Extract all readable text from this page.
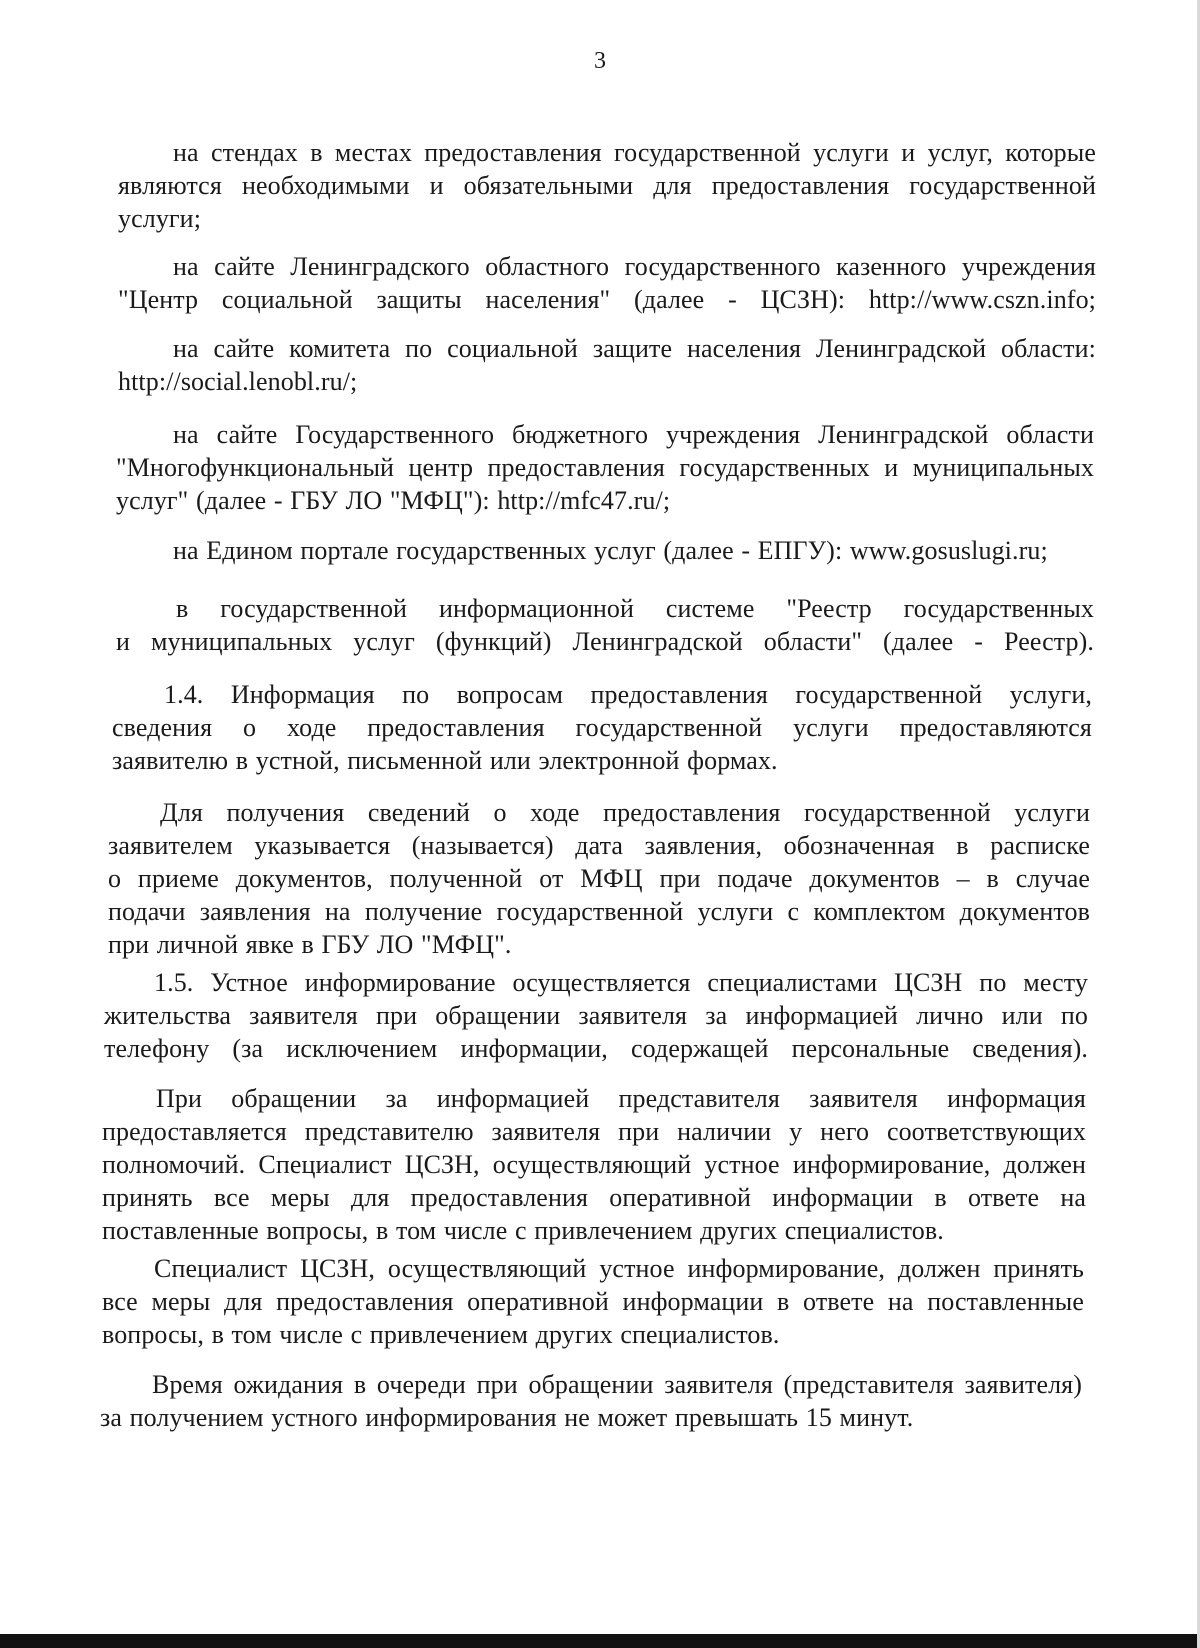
3
на стендах в местах предоставления государственной услуги и услуг, которые
являются необходимыми и обязательными для предоставления государственной
услуги;
на сайте Ленинградского областного государственного казенного учреждения
"Центр социальной защиты населения" (далее - ЦСЗН): http://www.cszn.info;
на сайте комитета по социальной защите населения Ленинградской области:
http://social.lenobl.ru/;
на сайте Государственного бюджетного учреждения Ленинградской области
"Многофункциональный центр предоставления государственных и муниципальных
услуг" (далее - ГБУ ЛО "МФЦ"): http://mfc47.ru/;
на Едином портале государственных услуг (далее - ЕПГУ): www.gosuslugi.ru;
в государственной информационной системе "Реестр государственных
и муниципальных услуг (функций) Ленинградской области" (далее - Реестр).
1.4. Информация по вопросам предоставления государственной услуги,
сведения о ходе предоставления государственной услуги предоставляются
заявителю в устной, письменной или электронной формах.
Для получения сведений о ходе предоставления государственной услуги
заявителем указывается (называется) дата заявления, обозначенная в расписке
о приеме документов, полученной от МФЦ при подаче документов – в случае
подачи заявления на получение государственной услуги с комплектом документов
при личной явке в ГБУ ЛО "МФЦ".
1.5. Устное информирование осуществляется специалистами ЦСЗН по месту
жительства заявителя при обращении заявителя за информацией лично или по
телефону (за исключением информации, содержащей персональные сведения).
При обращении за информацией представителя заявителя информация
предоставляется представителю заявителя при наличии у него соответствующих
полномочий. Специалист ЦСЗН, осуществляющий устное информирование, должен
принять все меры для предоставления оперативной информации в ответе на
поставленные вопросы, в том числе с привлечением других специалистов.
Специалист ЦСЗН, осуществляющий устное информирование, должен принять
все меры для предоставления оперативной информации в ответе на поставленные
вопросы, в том числе с привлечением других специалистов.
Время ожидания в очереди при обращении заявителя (представителя заявителя)
за получением устного информирования не может превышать 15 минут.
